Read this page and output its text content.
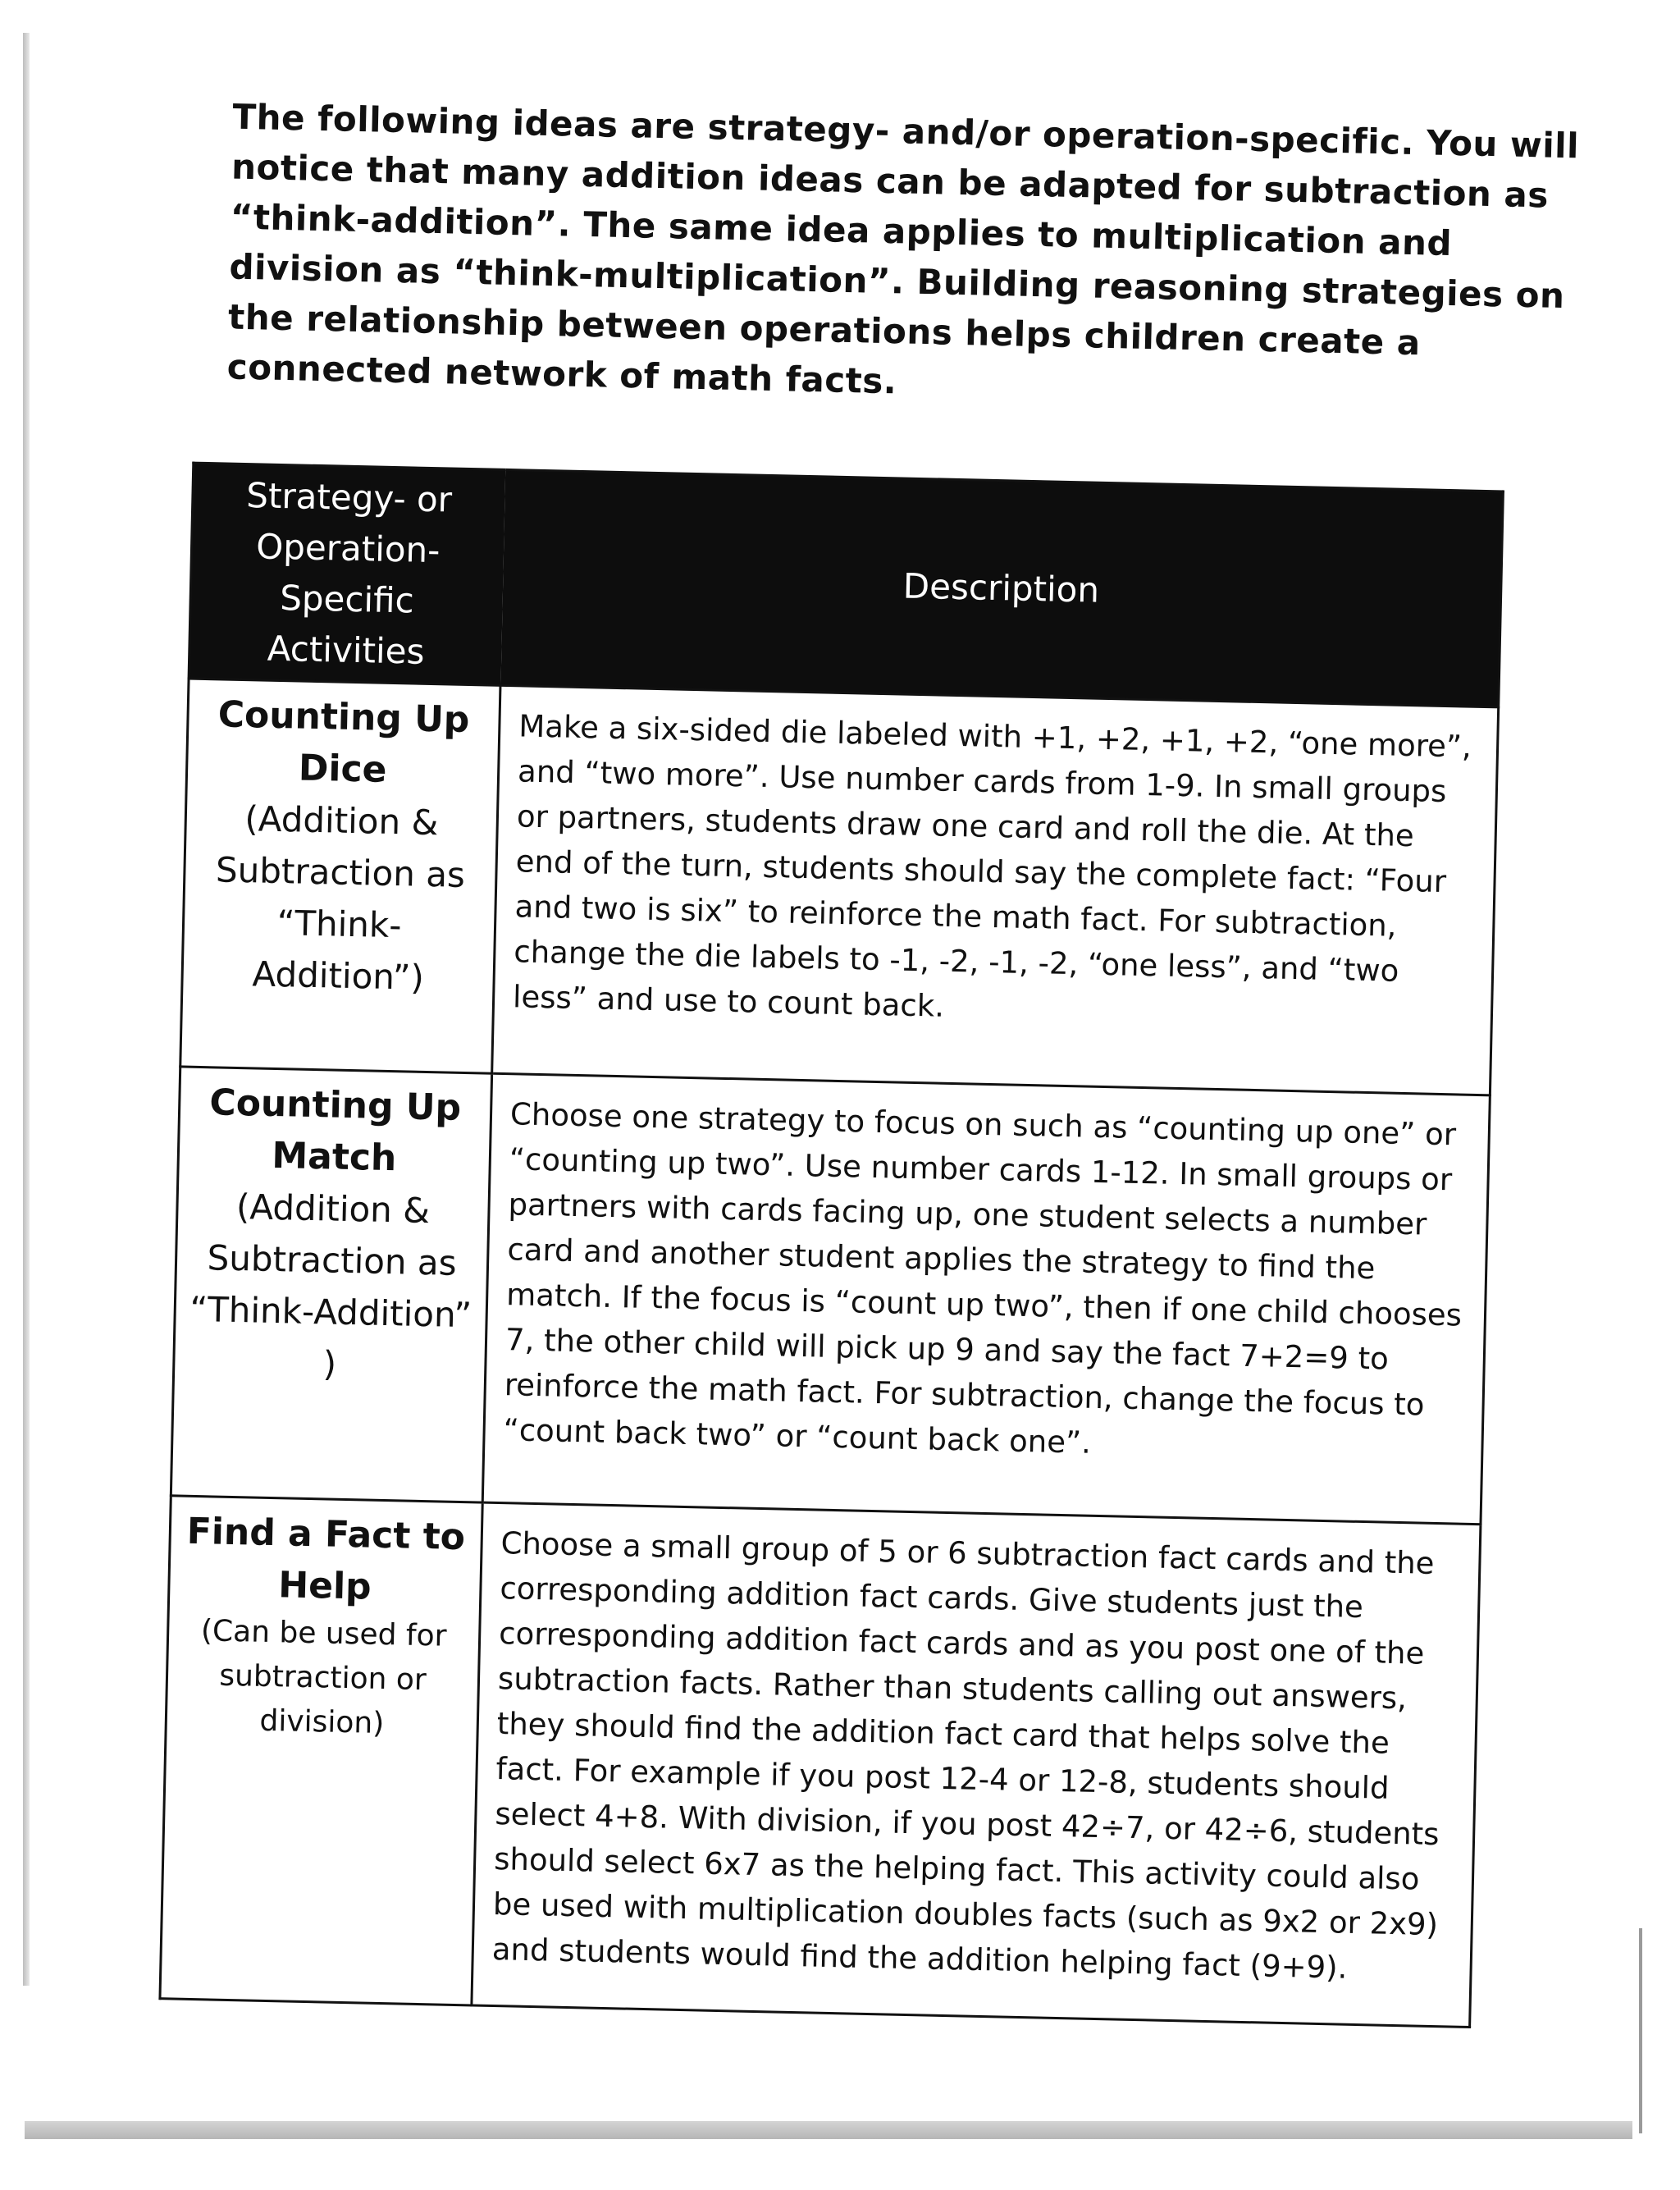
The following ideas are strategy- and/or operation-specific. You will notice that many addition ideas can be adapted for subtraction as “think-addition”. The same idea applies to multiplication and division as “think-multiplication”. Building reasoning strategies on the relationship between operations helps children create a connected network of math facts.

Strategy- or Operation-Specific Activities	Description

Counting Up Dice
(Addition & Subtraction as “Think-Addition”)	Make a six-sided die labeled with +1, +2, +1, +2, “one more”, and “two more”. Use number cards from 1-9. In small groups or partners, students draw one card and roll the die. At the end of the turn, students should say the complete fact: “Four and two is six” to reinforce the math fact. For subtraction, change the die labels to -1, -2, -1, -2, “one less”, and “two less” and use to count back.

Counting Up Match
(Addition & Subtraction as “Think-Addition” )	Choose one strategy to focus on such as “counting up one” or “counting up two”. Use number cards 1-12. In small groups or partners with cards facing up, one student selects a number card and another student applies the strategy to find the match. If the focus is “count up two”, then if one child chooses 7, the other child will pick up 9 and say the fact 7+2=9 to reinforce the math fact. For subtraction, change the focus to “count back two” or “count back one”.

Find a Fact to Help
(Can be used for subtraction or division)	Choose a small group of 5 or 6 subtraction fact cards and the corresponding addition fact cards. Give students just the corresponding addition fact cards and as you post one of the subtraction facts. Rather than students calling out answers, they should find the addition fact card that helps solve the fact. For example if you post 12-4 or 12-8, students should select 4+8. With division, if you post 42÷7, or 42÷6, students should select 6x7 as the helping fact. This activity could also be used with multiplication doubles facts (such as 9x2 or 2x9) and students would find the addition helping fact (9+9).
